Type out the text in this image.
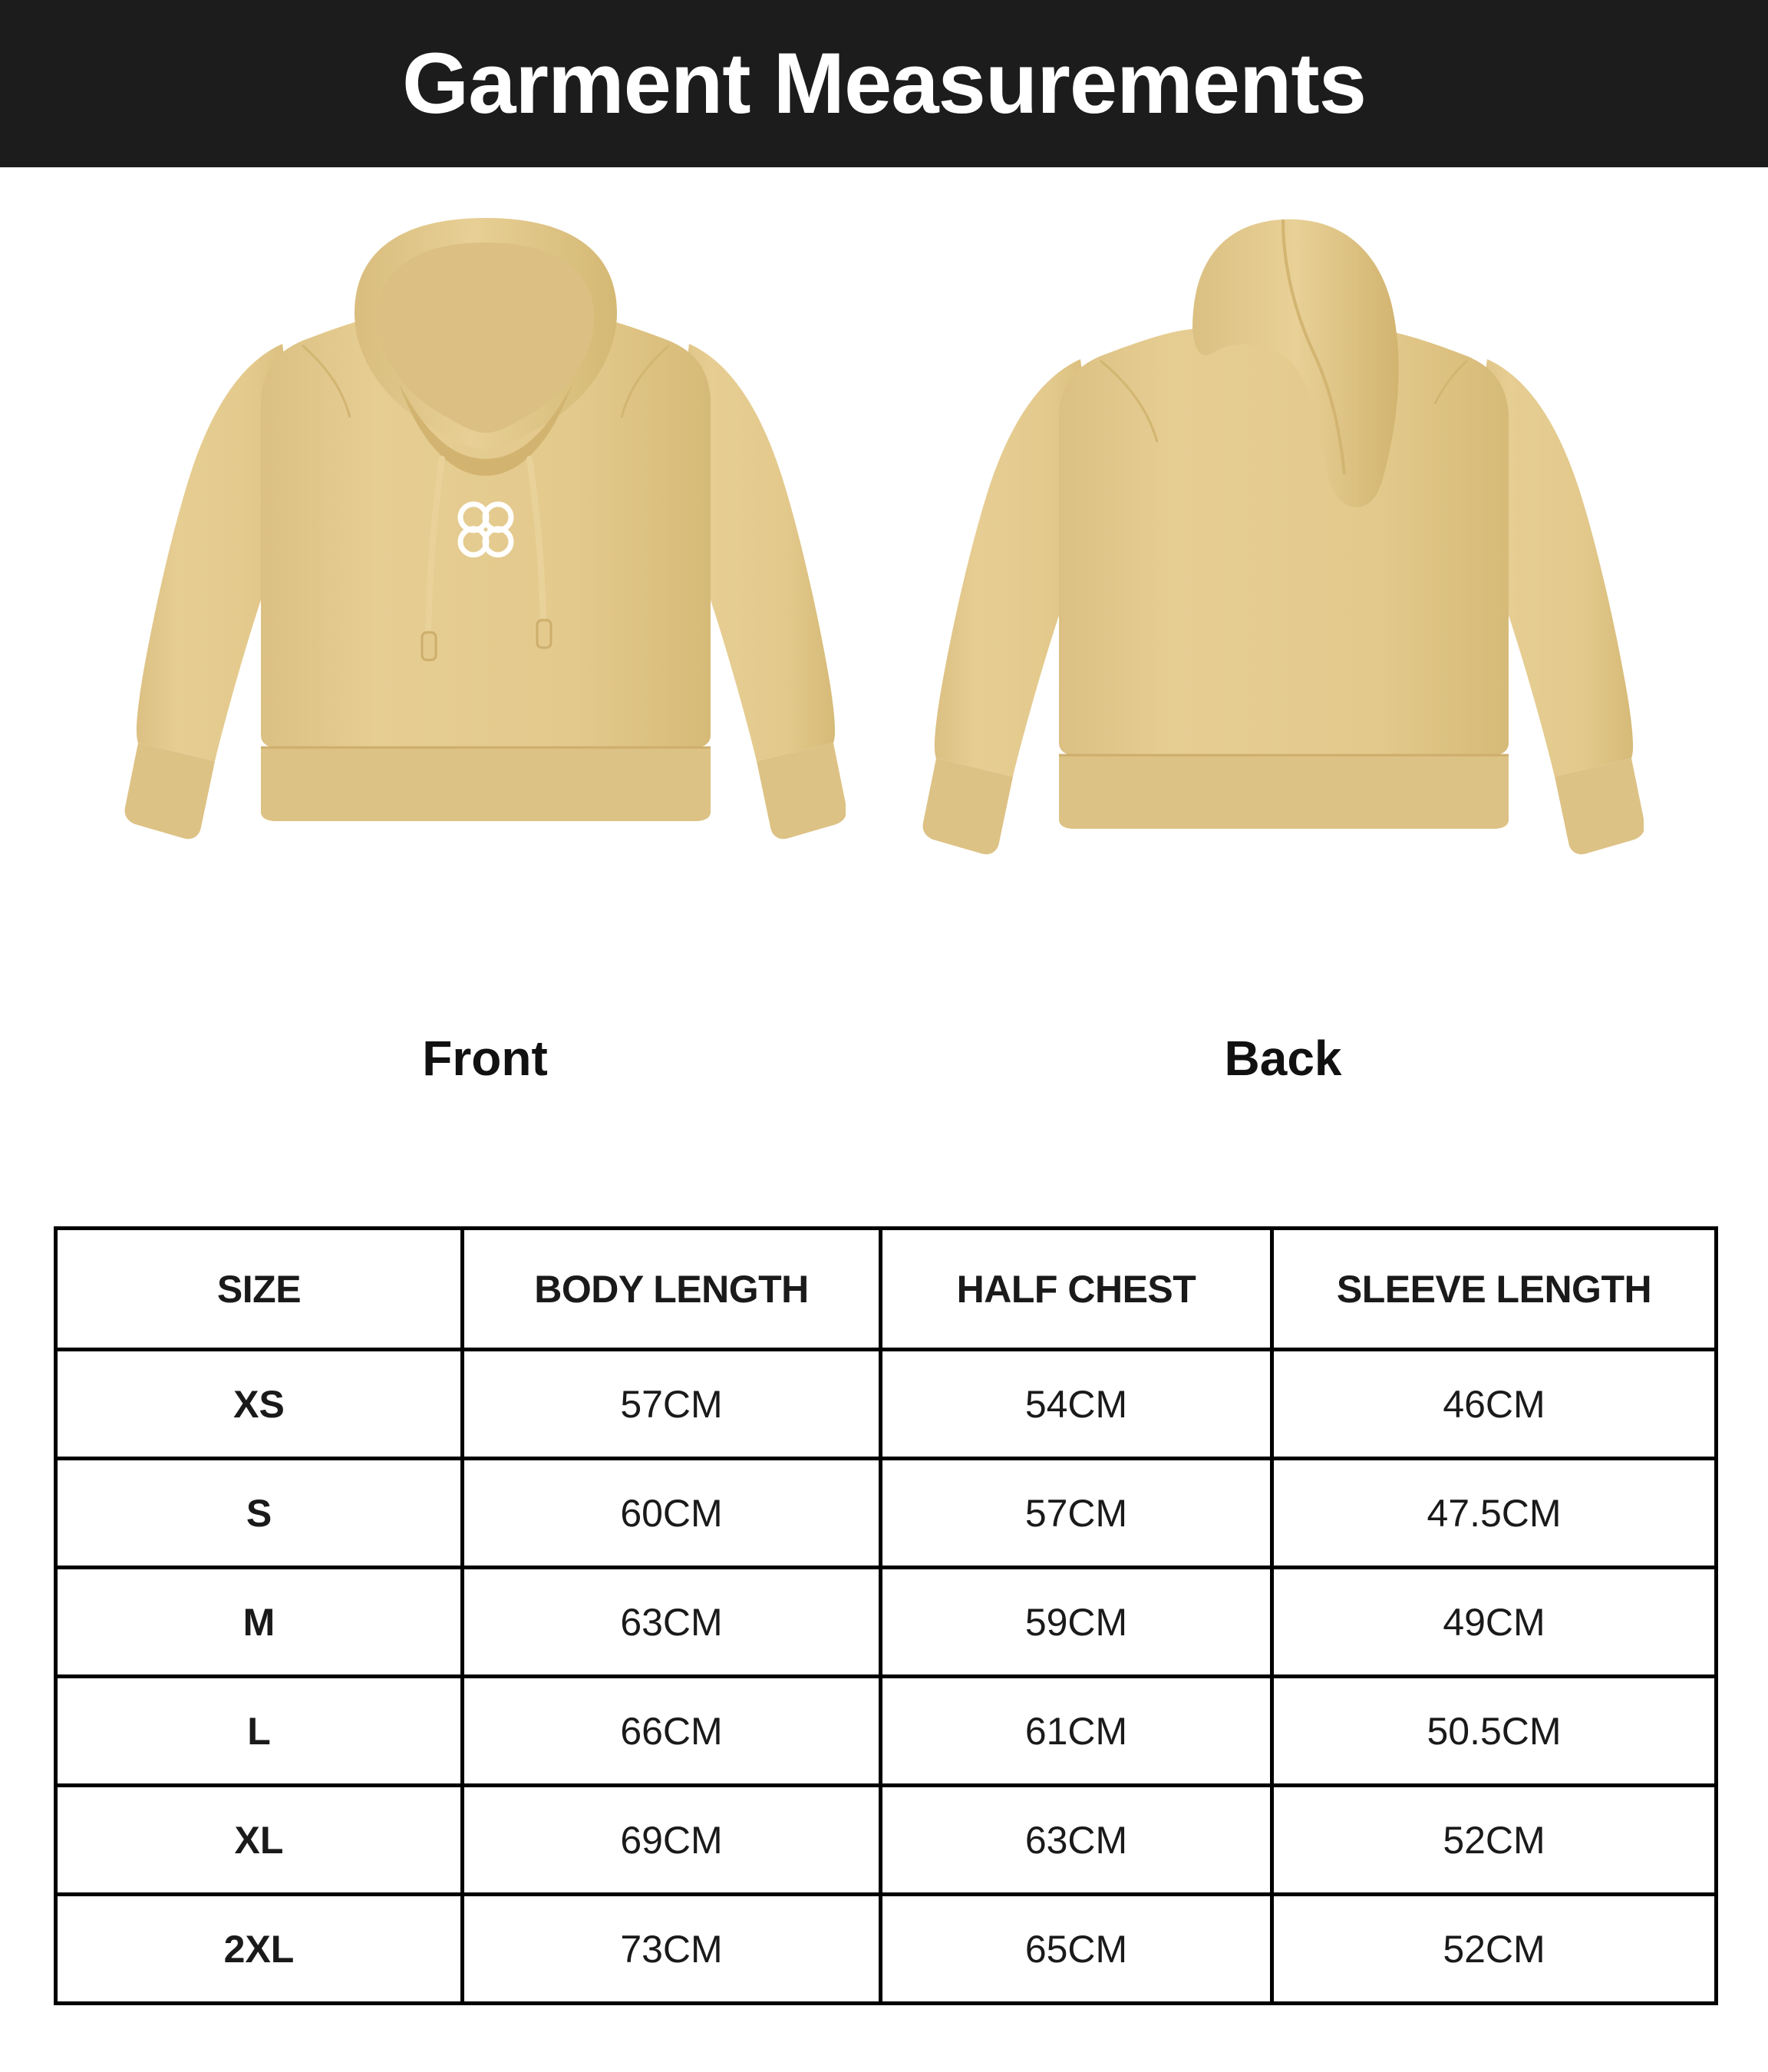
Garment Measurements
Front	Back
SIZE	BODY LENGTH	HALF CHEST	SLEEVE LENGTH
XS	57CM	54CM	46CM
S	60CM	57CM	47.5CM
M	63CM	59CM	49CM
L	66CM	61CM	50.5CM
XL	69CM	63CM	52CM
2XL	73CM	65CM	52CM
